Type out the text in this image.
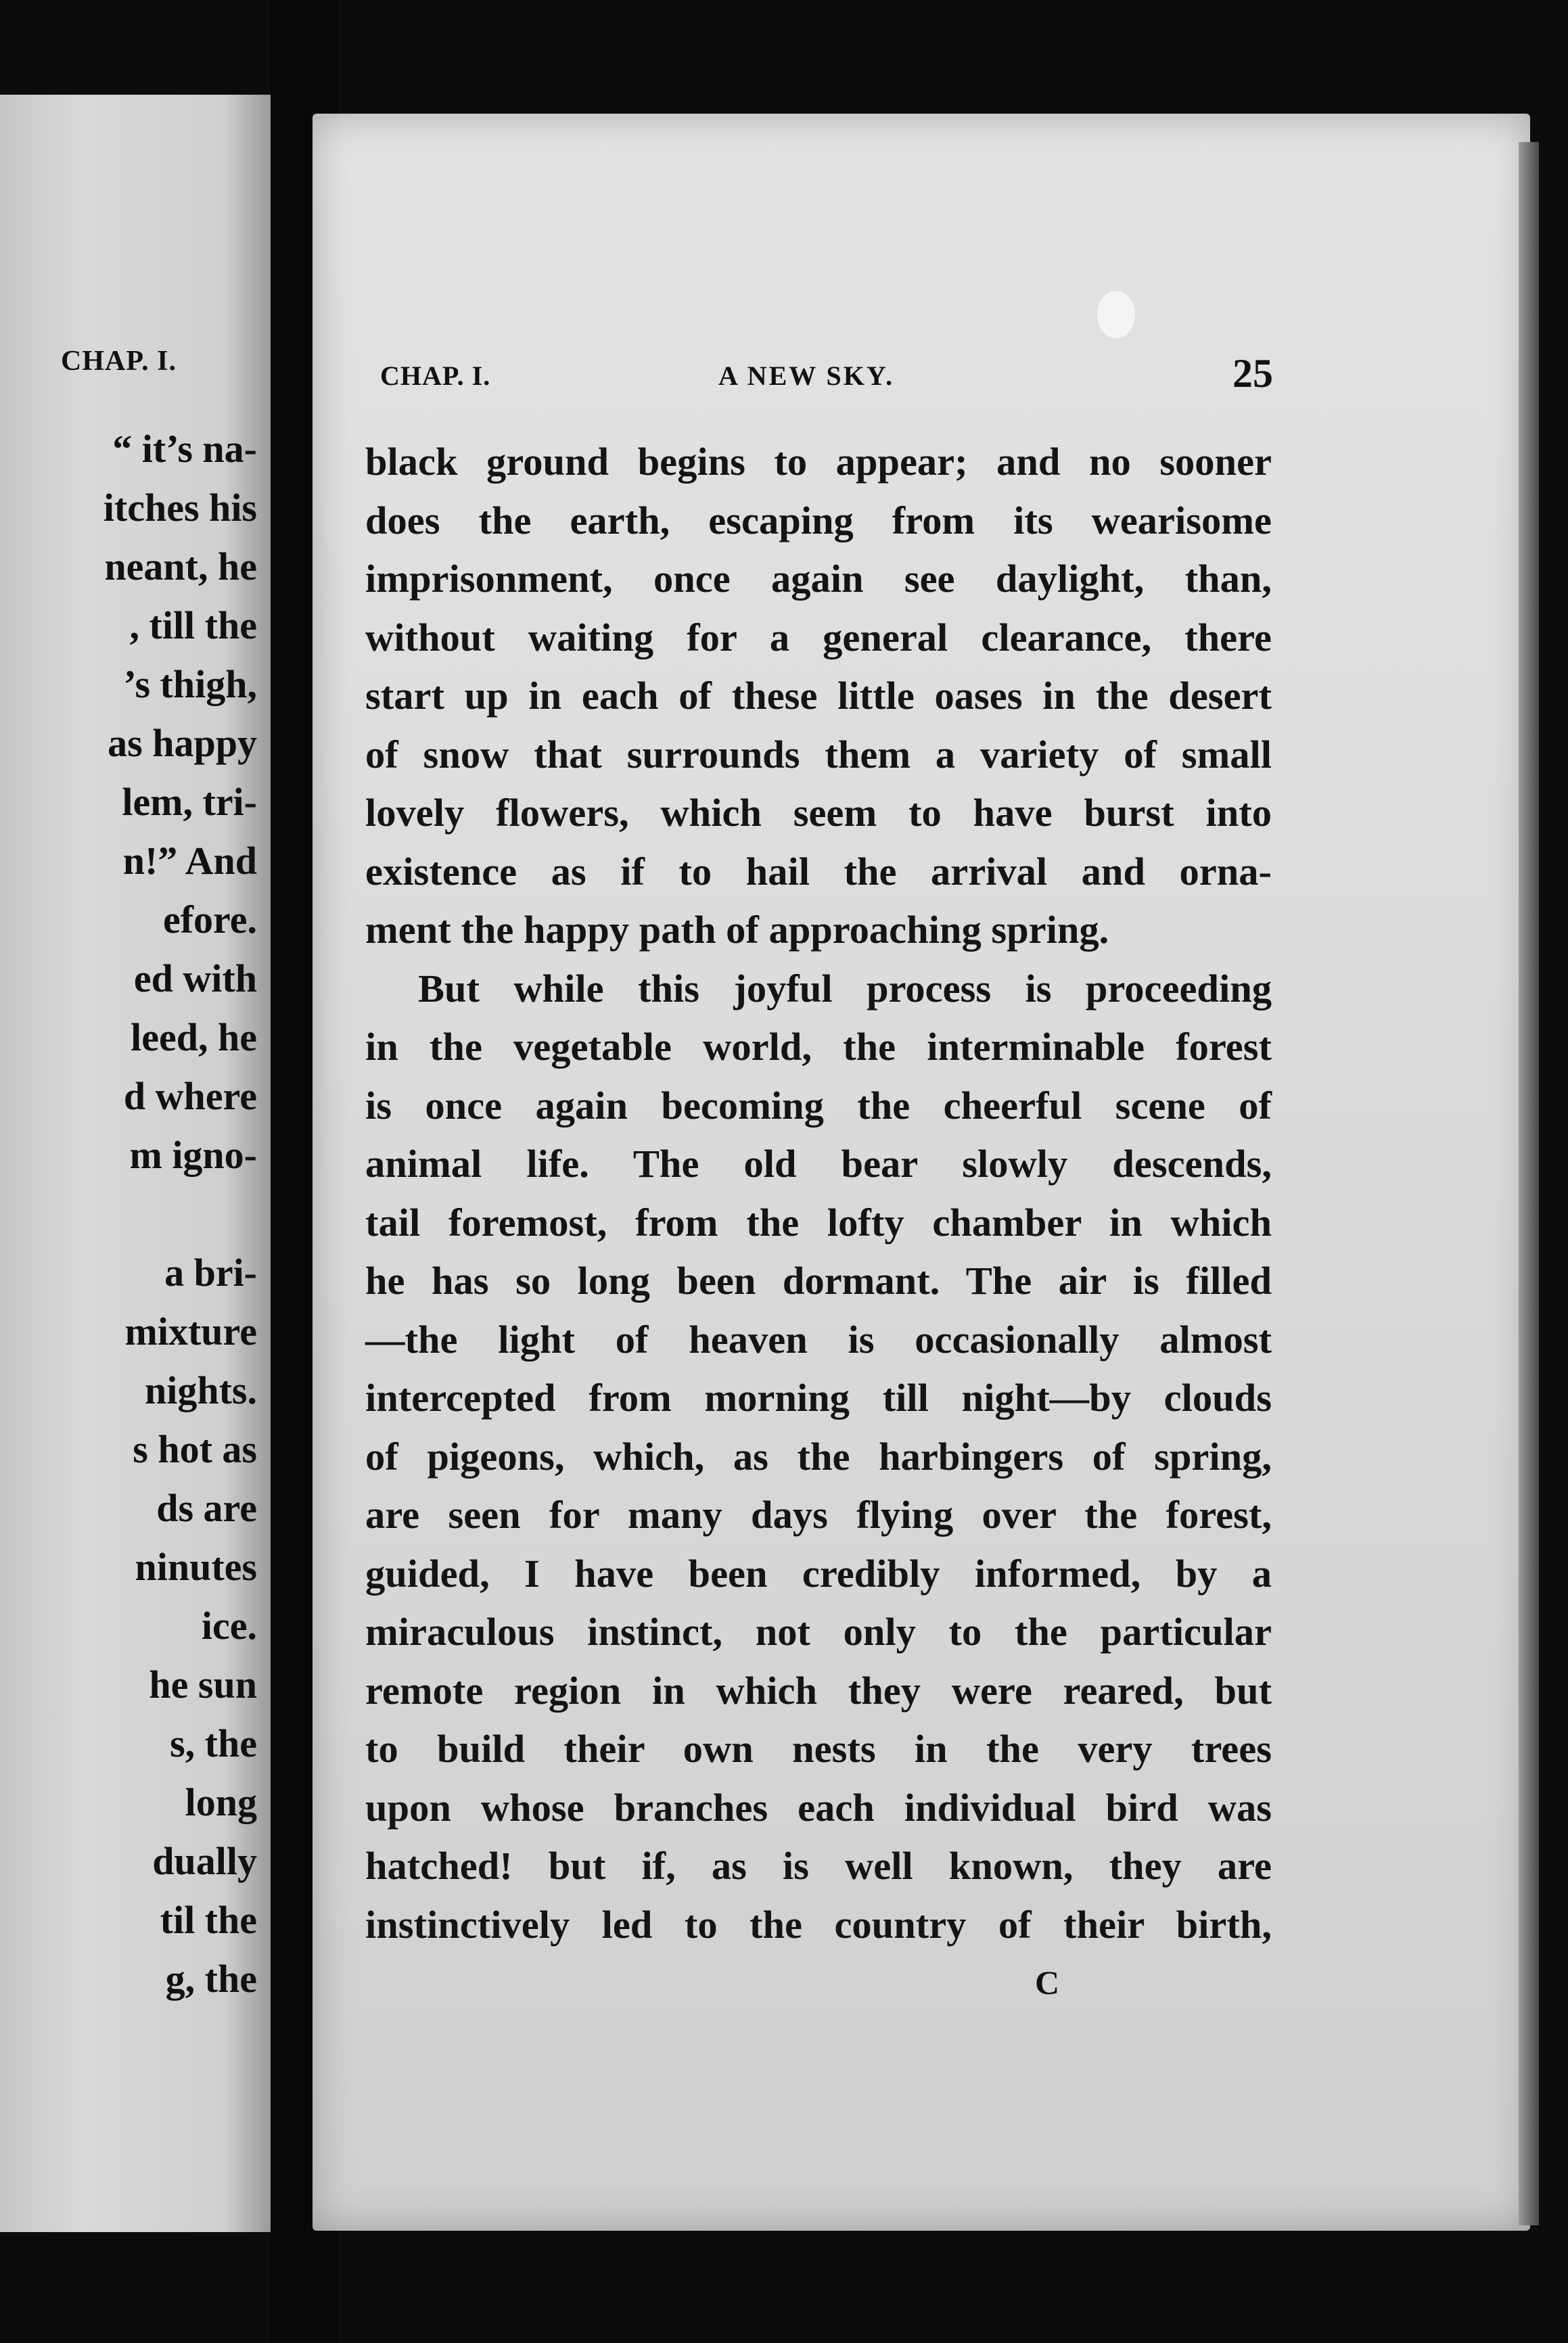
CHAP. I.
“ it’s na-
itches his
neant, he
, till the
’s thigh,
as happy
lem, tri-
n!” And
efore.
ed with
leed, he
d where
m igno-

a bri-
mixture
nights.
s hot as
ds are
ninutes
ice.
he sun
s, the
long
dually
til the
g, the
CHAP. I.	A NEW SKY.	25
black ground begins to appear; and no sooner
does the earth, escaping from its wearisome
imprisonment, once again see daylight, than,
without waiting for a general clearance, there
start up in each of these little oases in the desert
of snow that surrounds them a variety of small
lovely flowers, which seem to have burst into
existence as if to hail the arrival and orna-
ment the happy path of approaching spring.
But while this joyful process is proceeding
in the vegetable world, the interminable forest
is once again becoming the cheerful scene of
animal life. The old bear slowly descends,
tail foremost, from the lofty chamber in which
he has so long been dormant. The air is filled
—the light of heaven is occasionally almost
intercepted from morning till night—by clouds
of pigeons, which, as the harbingers of spring,
are seen for many days flying over the forest,
guided, I have been credibly informed, by a
miraculous instinct, not only to the particular
remote region in which they were reared, but
to build their own nests in the very trees
upon whose branches each individual bird was
hatched! but if, as is well known, they are
instinctively led to the country of their birth,
C
